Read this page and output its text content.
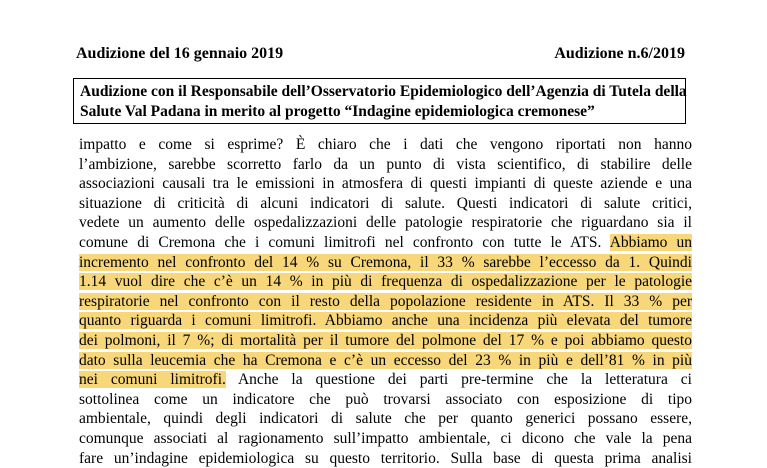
Audizione del 16 gennaio 2019	Audizione n.6/2019
Audizione con il Responsabile dell’Osservatorio Epidemiologico dell’Agenzia di Tutela della
Salute Val Padana in merito al progetto “Indagine epidemiologica cremonese”
impatto e come si esprime? È chiaro che i dati che vengono riportati non hanno
l’ambizione, sarebbe scorretto farlo da un punto di vista scientifico, di stabilire delle
associazioni causali tra le emissioni in atmosfera di questi impianti di queste aziende e una
situazione di criticità di alcuni indicatori di salute. Questi indicatori di salute critici,
vedete un aumento delle ospedalizzazioni delle patologie respiratorie che riguardano sia il
comune di Cremona che i comuni limitrofi nel confronto con tutte le ATS. Abbiamo un
incremento nel confronto del 14 % su Cremona, il 33 % sarebbe l’eccesso da 1. Quindi
1.14 vuol dire che c’è un 14 % in più di frequenza di ospedalizzazione per le patologie
respiratorie nel confronto con il resto della popolazione residente in ATS. Il 33 % per
quanto riguarda i comuni limitrofi. Abbiamo anche una incidenza più elevata del tumore
dei polmoni, il 7 %; di mortalità per il tumore del polmone del 17 % e poi abbiamo questo
dato sulla leucemia che ha Cremona e c’è un eccesso del 23 % in più e dell’81 % in più
nei comuni limitrofi. Anche la questione dei parti pre-termine che la letteratura ci
sottolinea come un indicatore che può trovarsi associato con esposizione di tipo
ambientale, quindi degli indicatori di salute che per quanto generici possano essere,
comunque associati al ragionamento sull’impatto ambientale, ci dicono che vale la pena
fare un’indagine epidemiologica su questo territorio. Sulla base di questa prima analisi
